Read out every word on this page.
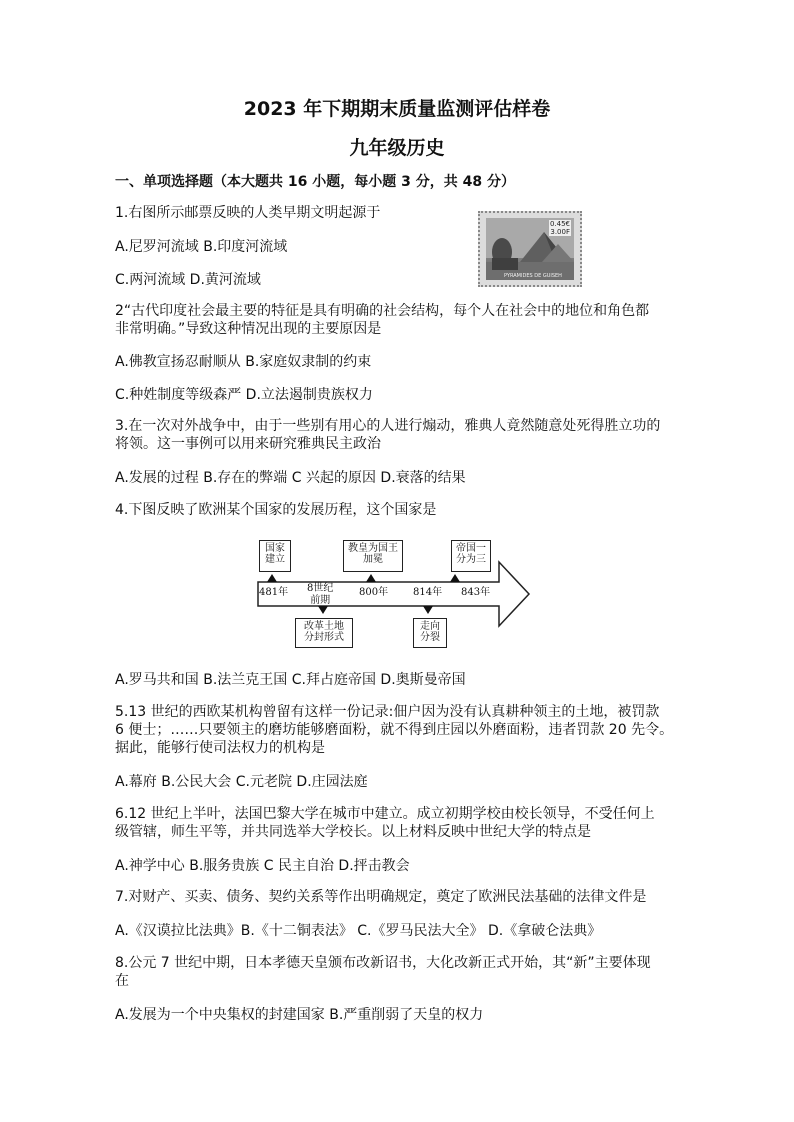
2023 年下期期末质量监测评估样卷
九年级历史
一、单项选择题（本大题共 16 小题，每小题 3 分，共 48 分）
1.右图所示邮票反映的人类早期文明起源于
A.尼罗河流域 B.印度河流域
C.两河流域 D.黄河流域
0.45€
3.00F
PYRAMIDES DE GUISEH
2“古代印度社会最主要的特征是具有明确的社会结构，每个人在社会中的地位和角色都
非常明确。”导致这种情况出现的主要原因是
A.佛教宣扬忍耐顺从 B.家庭奴隶制的约束
C.种姓制度等级森严 D.立法遏制贵族权力
3.在一次对外战争中，由于一些别有用心的人进行煽动，雅典人竟然随意处死得胜立功的
将领。这一事例可以用来研究雅典民主政治
A.发展的过程 B.存在的弊端 C 兴起的原因 D.衰落的结果
4.下图反映了欧洲某个国家的发展历程，这个国家是
国家
建立
教皇为国王
加冕
帝国一
分为三
481年 8世纪
前期
800年 814年 843年
改革土地
分封形式
走向
分裂
A.罗马共和国 B.法兰克王国 C.拜占庭帝国 D.奥斯曼帝国
5.13 世纪的西欧某机构曾留有这样一份记录:佃户因为没有认真耕种领主的土地，被罚款
6 便士；……只要领主的磨坊能够磨面粉，就不得到庄园以外磨面粉，违者罚款 20 先令。
据此，能够行使司法权力的机构是
A.幕府 B.公民大会 C.元老院 D.庄园法庭
6.12 世纪上半叶，法国巴黎大学在城市中建立。成立初期学校由校长领导，不受任何上
级管辖，师生平等，并共同选举大学校长。以上材料反映中世纪大学的特点是
A.神学中心 B.服务贵族 C 民主自治 D.抨击教会
7.对财产、买卖、债务、契约关系等作出明确规定，奠定了欧洲民法基础的法律文件是
A.《汉谟拉比法典》B.《十二铜表法》 C.《罗马民法大全》 D.《拿破仑法典》
8.公元 7 世纪中期，日本孝德天皇颁布改新诏书，大化改新正式开始，其“新”主要体现
在
A.发展为一个中央集权的封建国家 B.严重削弱了天皇的权力
